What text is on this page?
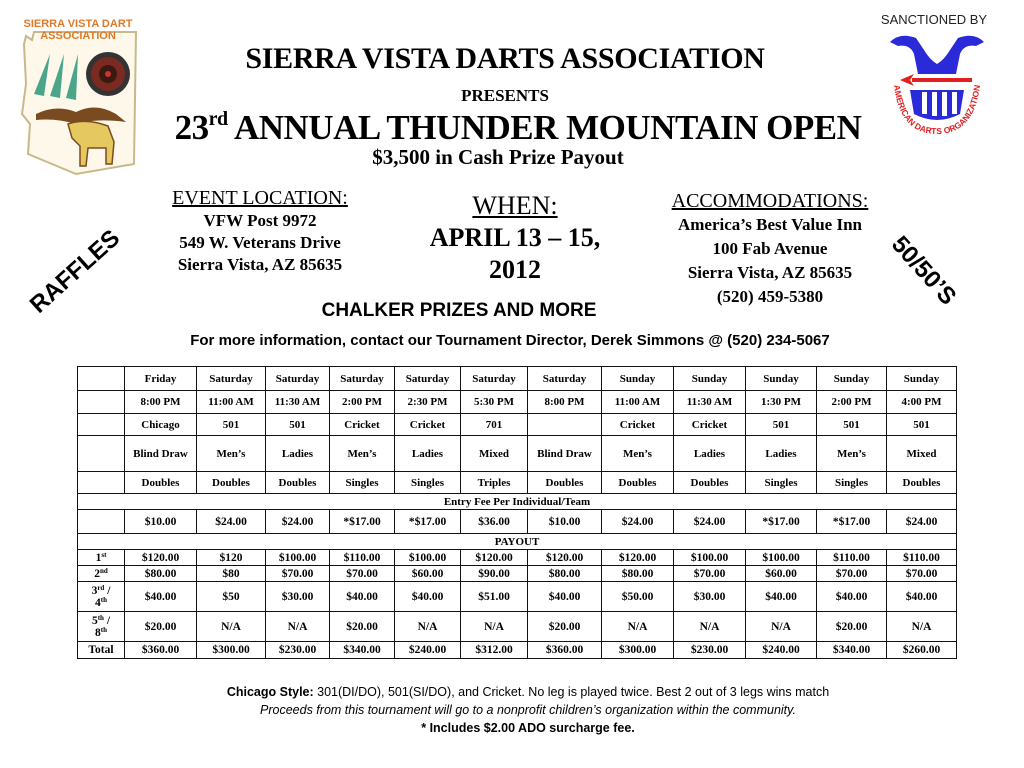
SIERRA VISTA DART
ASSOCIATION
SANCTIONED BY
AMERICAN DARTS ORGANIZATION
SIERRA VISTA DARTS ASSOCIATION
PRESENTS
23rd ANNUAL THUNDER MOUNTAIN OPEN
$3,500 in Cash Prize Payout
EVENT LOCATION:
VFW Post 9972
549 W. Veterans Drive
Sierra Vista, AZ 85635
WHEN:
APRIL 13 – 15,
2012
ACCOMMODATIONS:
America’s Best Value Inn
100 Fab Avenue
Sierra Vista, AZ 85635
(520) 459-5380
RAFFLES	50/50’S
CHALKER PRIZES AND MORE
For more information, contact our Tournament Director, Derek Simmons @ (520) 234-5067
	Friday	Saturday	Saturday	Saturday	Saturday	Saturday	Saturday	Sunday	Sunday	Sunday	Sunday	Sunday
	8:00 PM	11:00 AM	11:30 AM	2:00 PM	2:30 PM	5:30 PM	8:00 PM	11:00 AM	11:30 AM	1:30 PM	2:00 PM	4:00 PM
	Chicago	501	501	Cricket	Cricket	701		Cricket	Cricket	501	501	501
	Blind Draw	Men’s	Ladies	Men’s	Ladies	Mixed	Blind Draw	Men’s	Ladies	Ladies	Men’s	Mixed
	Doubles	Doubles	Doubles	Singles	Singles	Triples	Doubles	Doubles	Doubles	Singles	Singles	Doubles
Entry Fee Per Individual/Team												
	$10.00	$24.00	$24.00	*$17.00	*$17.00	$36.00	$10.00	$24.00	$24.00	*$17.00	*$17.00	$24.00
PAYOUT												
1st	$120.00	$120	$100.00	$110.00	$100.00	$120.00	$120.00	$120.00	$100.00	$100.00	$110.00	$110.00
2nd	$80.00	$80	$70.00	$70.00	$60.00	$90.00	$80.00	$80.00	$70.00	$60.00	$70.00	$70.00
3rd /
4th	$40.00	$50	$30.00	$40.00	$40.00	$51.00	$40.00	$50.00	$30.00	$40.00	$40.00	$40.00
5th /
8th	$20.00	N/A	N/A	$20.00	N/A	N/A	$20.00	N/A	N/A	N/A	$20.00	N/A
Total	$360.00	$300.00	$230.00	$340.00	$240.00	$312.00	$360.00	$300.00	$230.00	$240.00	$340.00	$260.00
Chicago Style: 301(DI/DO), 501(SI/DO), and Cricket. No leg is played twice. Best 2 out of 3 legs wins match
Proceeds from this tournament will go to a nonprofit children’s organization within the community.
* Includes $2.00 ADO surcharge fee.
